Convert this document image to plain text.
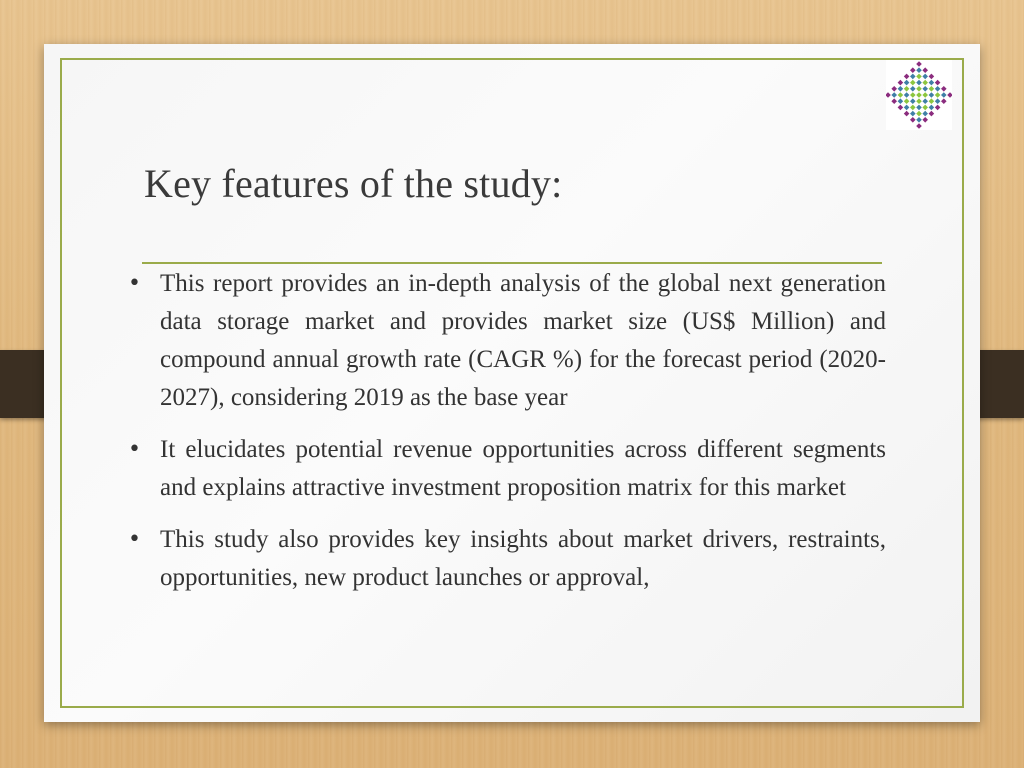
Key features of the study:
• This report provides an in-depth analysis of the global next generation data storage market and provides market size (US$ Million) and compound annual growth rate (CAGR %) for the forecast period (2020-2027), considering 2019 as the base year
• It elucidates potential revenue opportunities across different segments and explains attractive investment proposition matrix for this market
• This study also provides key insights about market drivers, restraints, opportunities, new product launches or approval,
